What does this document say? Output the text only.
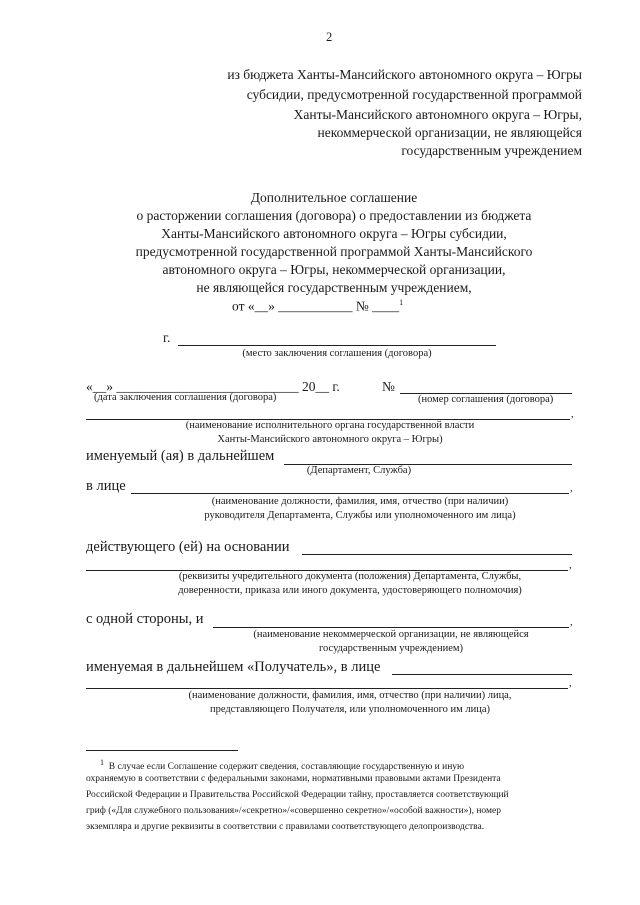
2
из бюджета Ханты-Мансийского автономного округа – Югры
субсидии, предусмотренной государственной программой
Ханты-Мансийского автономного округа – Югры,
некоммерческой организации, не являющейся
государственным учреждением
Дополнительное соглашение
о расторжении соглашения (договора) о предоставлении из бюджета
Ханты-Мансийского автономного округа – Югры субсидии,
предусмотренной государственной программой Ханты-Мансийского
автономного округа – Югры, некоммерческой организации,
не являющейся государственным учреждением,
от «__» ___________ № ____$^1$
г.
(место заключения соглашения (договора)
«__» ___________________________ 20__ г.	№
(дата заключения соглашения (договора)	(номер соглашения (договора)
,
(наименование исполнительного органа государственной власти
Ханты-Мансийского автономного округа – Югры)
именуемый (ая) в дальнейшем
(Департамент, Служба)
в лице	,
(наименование должности, фамилия, имя, отчество (при наличии)
руководителя Департамента, Службы или уполномоченного им лица)
действующего (ей) на основании
,
(реквизиты учредительного документа (положения) Департамента, Службы,
доверенности, приказа или иного документа, удостоверяющего полномочия)
с одной стороны, и	,
(наименование некоммерческой организации, не являющейся
государственным учреждением)
именуемая в дальнейшем «Получатель», в лице
,
(наименование должности, фамилия, имя, отчество (при наличии) лица,
представляющего Получателя, или уполномоченного им лица)
$^1$ В случае если Соглашение содержит сведения, составляющие государственную и иную
охраняемую в соответствии с федеральными законами, нормативными правовыми актами Президента
Российской Федерации и Правительства Российской Федерации тайну, проставляется соответствующий
гриф («Для служебного пользования»/«секретно»/«совершенно секретно»/«особой важности»), номер
экземпляра и другие реквизиты в соответствии с правилами соответствующего делопроизводства.
